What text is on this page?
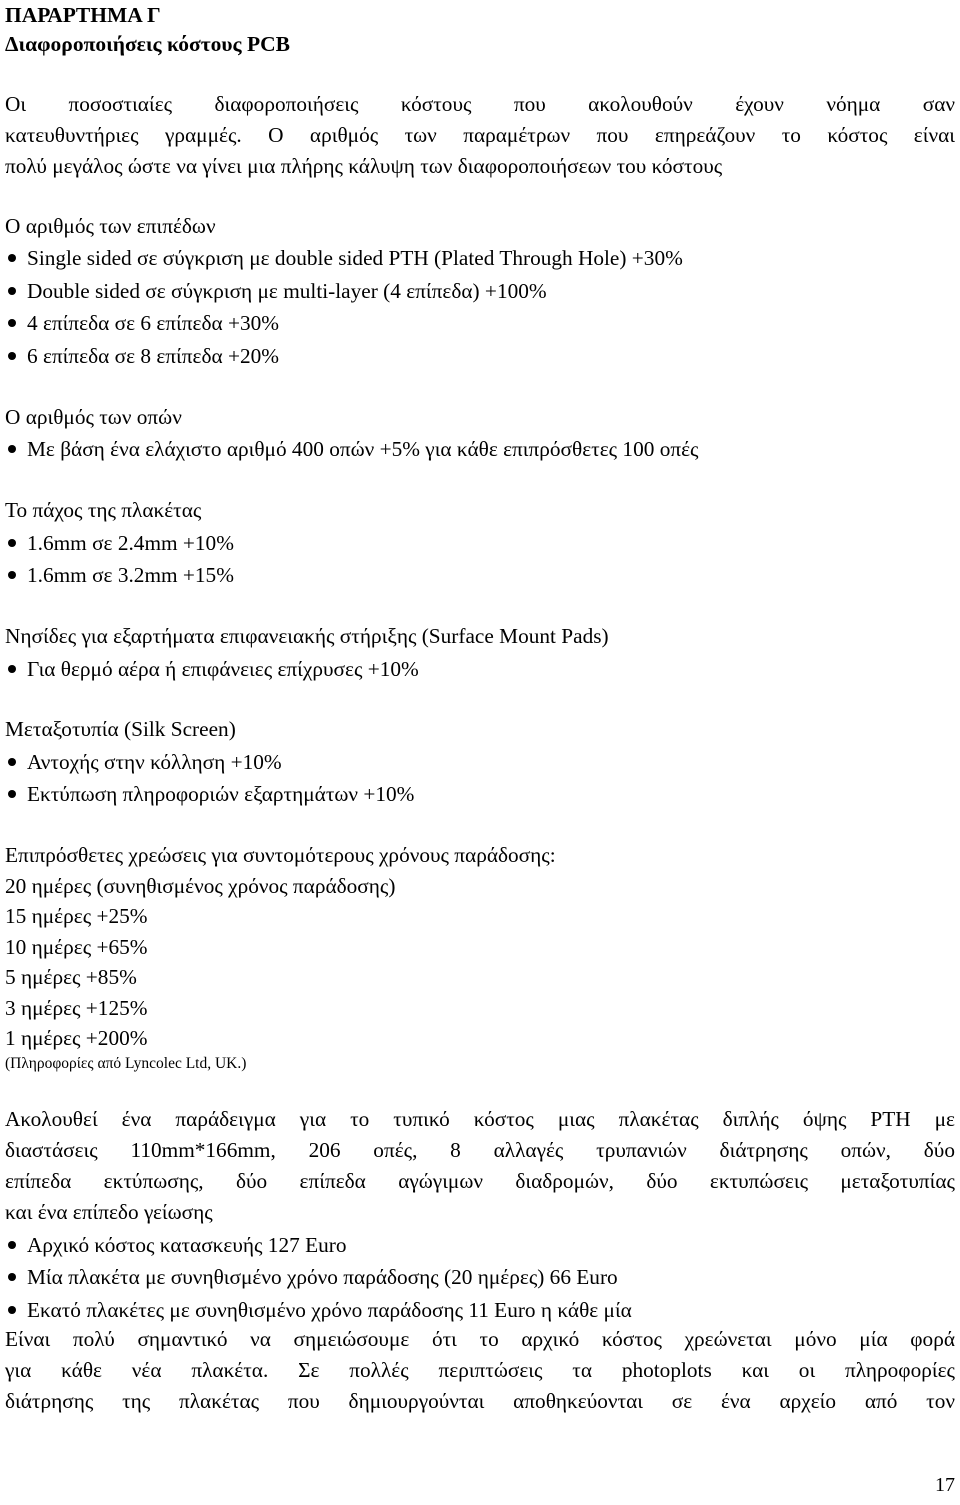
ΠΑΡΑΡΤΗΜΑ Γ
Διαφοροποιήσεις κόστους PCB
Οι ποσοστιαίες διαφοροποιήσεις κόστους που ακολουθούν έχουν νόημα σαν
κατευθυντήριες γραμμές. Ο αριθμός των παραμέτρων που επηρεάζουν το κόστος είναι
πολύ μεγάλος ώστε να γίνει μια πλήρης κάλυψη των διαφοροποιήσεων του κόστους
Ο αριθμός των επιπέδων
Single sided σε σύγκριση με double sided PTH (Plated Through Hole) +30%
Double sided σε σύγκριση με multi-layer (4 επίπεδα) +100%
4 επίπεδα σε 6 επίπεδα +30%
6 επίπεδα σε 8 επίπεδα +20%
Ο αριθμός των οπών
Με βάση ένα ελάχιστο αριθμό 400 οπών +5% για κάθε επιπρόσθετες 100 οπές
Το πάχος της πλακέτας
1.6mm σε 2.4mm +10%
1.6mm σε 3.2mm +15%
Νησίδες για εξαρτήματα επιφανειακής στήριξης (Surface Mount Pads)
Για θερμό αέρα ή επιφάνειες επίχρυσες +10%
Μεταξοτυπία (Silk Screen)
Αντοχής στην κόλληση +10%
Εκτύπωση πληροφοριών εξαρτημάτων +10%
Επιπρόσθετες χρεώσεις για συντομότερους χρόνους παράδοσης:
20 ημέρες (συνηθισμένος χρόνος παράδοσης)
15 ημέρες +25%
10 ημέρες +65%
5 ημέρες +85%
3 ημέρες +125%
1 ημέρες +200%
(Πληροφορίες από Lyncolec Ltd, UK.)
Ακολουθεί ένα παράδειγμα για το τυπικό κόστος μιας πλακέτας διπλής όψης PTH με
διαστάσεις 110mm*166mm, 206 οπές, 8 αλλαγές τρυπανιών διάτρησης οπών, δύο
επίπεδα εκτύπωσης, δύο επίπεδα αγώγιμων διαδρομών, δύο εκτυπώσεις μεταξοτυπίας
και ένα επίπεδο γείωσης
Αρχικό κόστος κατασκευής 127 Euro
Μία πλακέτα με συνηθισμένο χρόνο παράδοσης (20 ημέρες) 66 Euro
Εκατό πλακέτες με συνηθισμένο χρόνο παράδοσης 11 Euro η κάθε μία
Είναι πολύ σημαντικό να σημειώσουμε ότι το αρχικό κόστος χρεώνεται μόνο μία φορά
για κάθε νέα πλακέτα. Σε πολλές περιπτώσεις τα photoplots και οι πληροφορίες
διάτρησης της πλακέτας που δημιουργούνται αποθηκεύονται σε ένα αρχείο από τον
17
